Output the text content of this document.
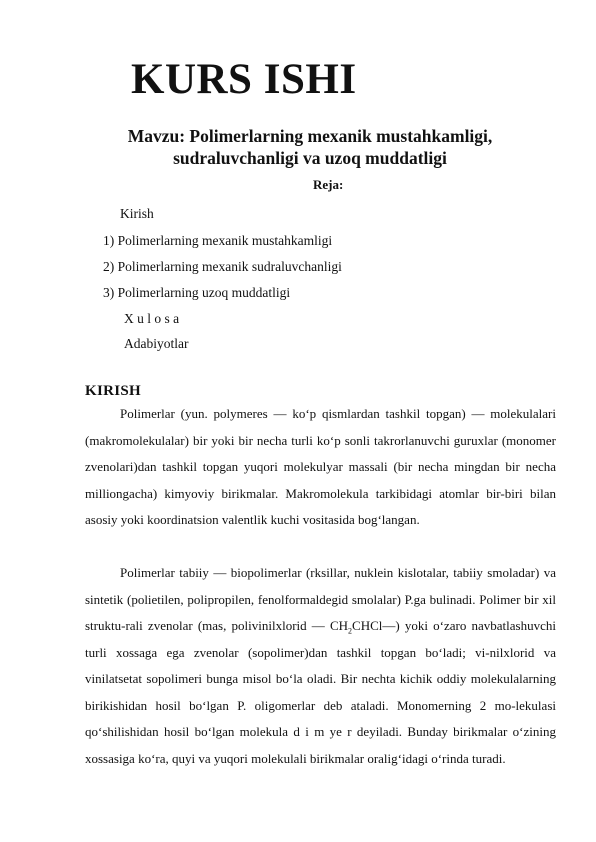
KURS ISHI
Mavzu: Polimerlarning mexanik mustahkamligi, sudraluvchanligi va uzoq muddatligi
Reja:
Kirish
1) Polimerlarning mexanik mustahkamligi
2) Polimerlarning mexanik sudraluvchanligi
3) Polimerlarning uzoq muddatligi
X u l o s a
Adabiyotlar
KIRISH
Polimerlar (yun. polymeres — ko‘p qismlardan tashkil topgan) — molekulalari (makromolekulalar) bir yoki bir necha turli ko‘p sonli takrorlanuvchi guruxlar (monomer zvenolari)dan tashkil topgan yuqori molekulyar massali (bir necha mingdan bir necha milliongacha) kimyoviy birikmalar. Makromolekula tarkibidagi atomlar bir-biri bilan asosiy yoki koordinatsion valentlik kuchi vositasida bog‘langan.
Polimerlar tabiiy — biopolimerlar (rksillar, nuklein kislotalar, tabiiy smoladar) va sintetik (polietilen, polipropilen, fenolformaldegid smolalar) P.ga bulinadi. Polimer bir xil struktu-rali zvenolar (mas, polivinilxlorid — $CH_2CHCl—$) yoki o‘zaro navbatlashuvchi turli xossaga ega zvenolar (sopolimer)dan tashkil topgan bo‘ladi; vi-nilxlorid va vinilatsetat sopolimeri bunga misol bo‘la oladi. Bir nechta kichik oddiy molekulalarning birikishidan hosil bo‘lgan P. oligomerlar deb ataladi. Monomerning 2 mo-lekulasi qo‘shilishidan hosil bo‘lgan molekula d i m ye r deyiladi. Bunday birikmalar o‘zining xossasiga ko‘ra, quyi va yuqori molekulali birikmalar oralig‘idagi o‘rinda turadi.
